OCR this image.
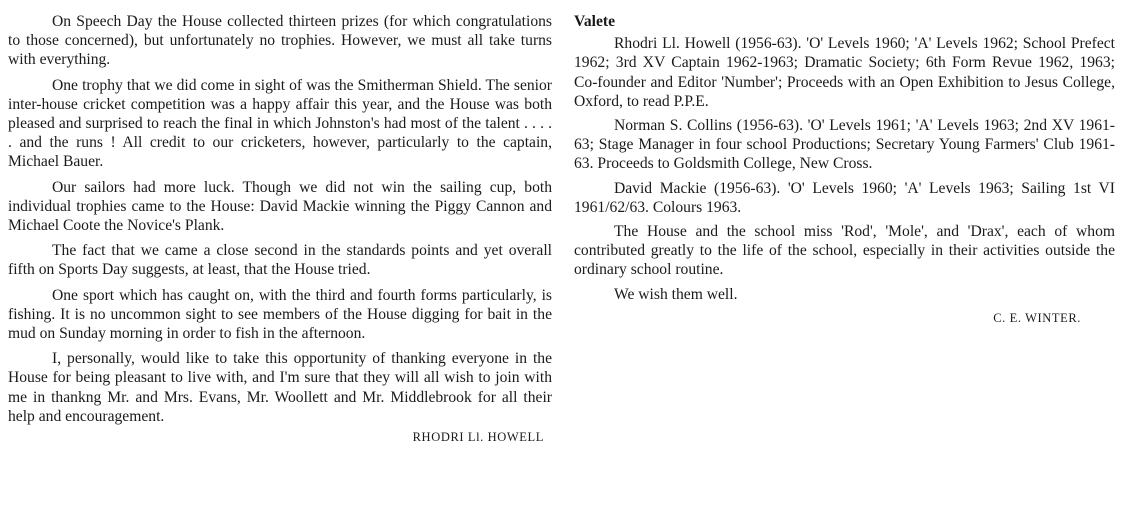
On Speech Day the House collected thirteen prizes (for which congratulations to those concerned), but unfortunately no trophies. However, we must all take turns with everything.

One trophy that we did come in sight of was the Smitherman Shield. The senior inter-house cricket competition was a happy affair this year, and the House was both pleased and surprised to reach the final in which Johnston's had most of the talent . . . . . and the runs ! All credit to our cricketers, however, particularly to the captain, Michael Bauer.

Our sailors had more luck. Though we did not win the sailing cup, both individual trophies came to the House: David Mackie winning the Piggy Cannon and Michael Coote the Novice's Plank.

The fact that we came a close second in the standards points and yet overall fifth on Sports Day suggests, at least, that the House tried.

One sport which has caught on, with the third and fourth forms particularly, is fishing. It is no uncommon sight to see members of the House digging for bait in the mud on Sunday morning in order to fish in the afternoon.

I, personally, would like to take this opportunity of thanking everyone in the House for being pleasant to live with, and I'm sure that they will all wish to join with me in thankng Mr. and Mrs. Evans, Mr. Woollett and Mr. Middlebrook for all their help and encouragement.

RHODRI Ll. HOWELL

Valete

Rhodri Ll. Howell (1956-63). 'O' Levels 1960; 'A' Levels 1962; School Prefect 1962; 3rd XV Captain 1962-1963; Dramatic Society; 6th Form Revue 1962, 1963; Co-founder and Editor 'Number'; Proceeds with an Open Exhibition to Jesus College, Oxford, to read P.P.E.

Norman S. Collins (1956-63). 'O' Levels 1961; 'A' Levels 1963; 2nd XV 1961-63; Stage Manager in four school Productions; Secretary Young Farmers' Club 1961-63. Proceeds to Goldsmith College, New Cross.

David Mackie (1956-63). 'O' Levels 1960; 'A' Levels 1963; Sailing 1st VI 1961/62/63. Colours 1963.

The House and the school miss 'Rod', 'Mole', and 'Drax', each of whom contributed greatly to the life of the school, especially in their activities outside the ordinary school routine.

We wish them well.

C. E. WINTER.
